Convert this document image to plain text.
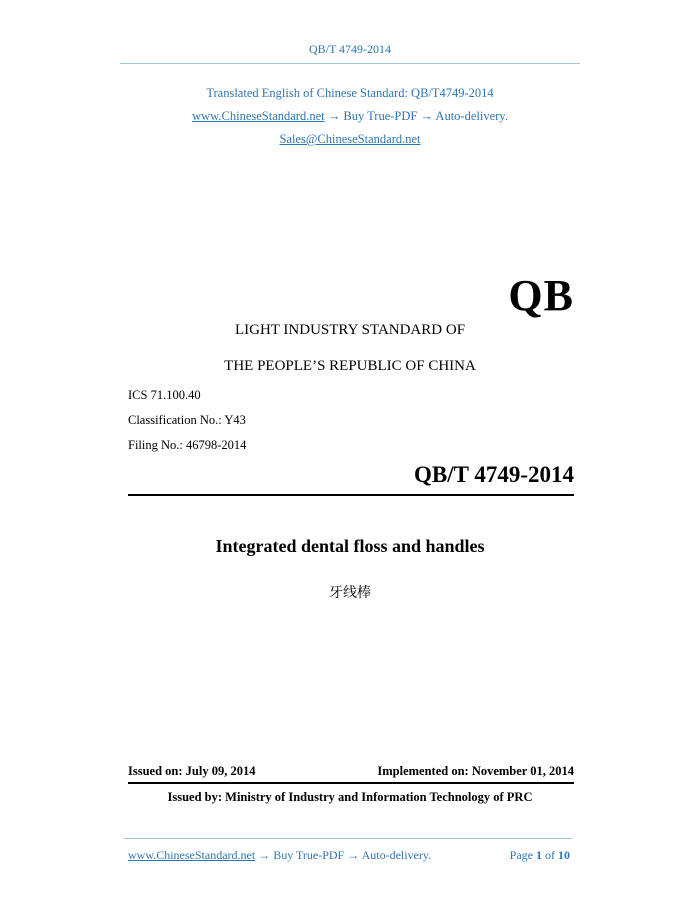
QB/T 4749-2014
Translated English of Chinese Standard: QB/T4749-2014
www.ChineseStandard.net → Buy True-PDF → Auto-delivery.
Sales@ChineseStandard.net
QB
LIGHT INDUSTRY STANDARD OF
THE PEOPLE’S REPUBLIC OF CHINA
ICS 71.100.40
Classification No.: Y43
Filing No.: 46798-2014
QB/T 4749-2014
Integrated dental floss and handles
牙线棒
Issued on: July 09, 2014	Implemented on: November 01, 2014
Issued by: Ministry of Industry and Information Technology of PRC
www.ChineseStandard.net → Buy True-PDF → Auto-delivery.	Page 1 of 10
